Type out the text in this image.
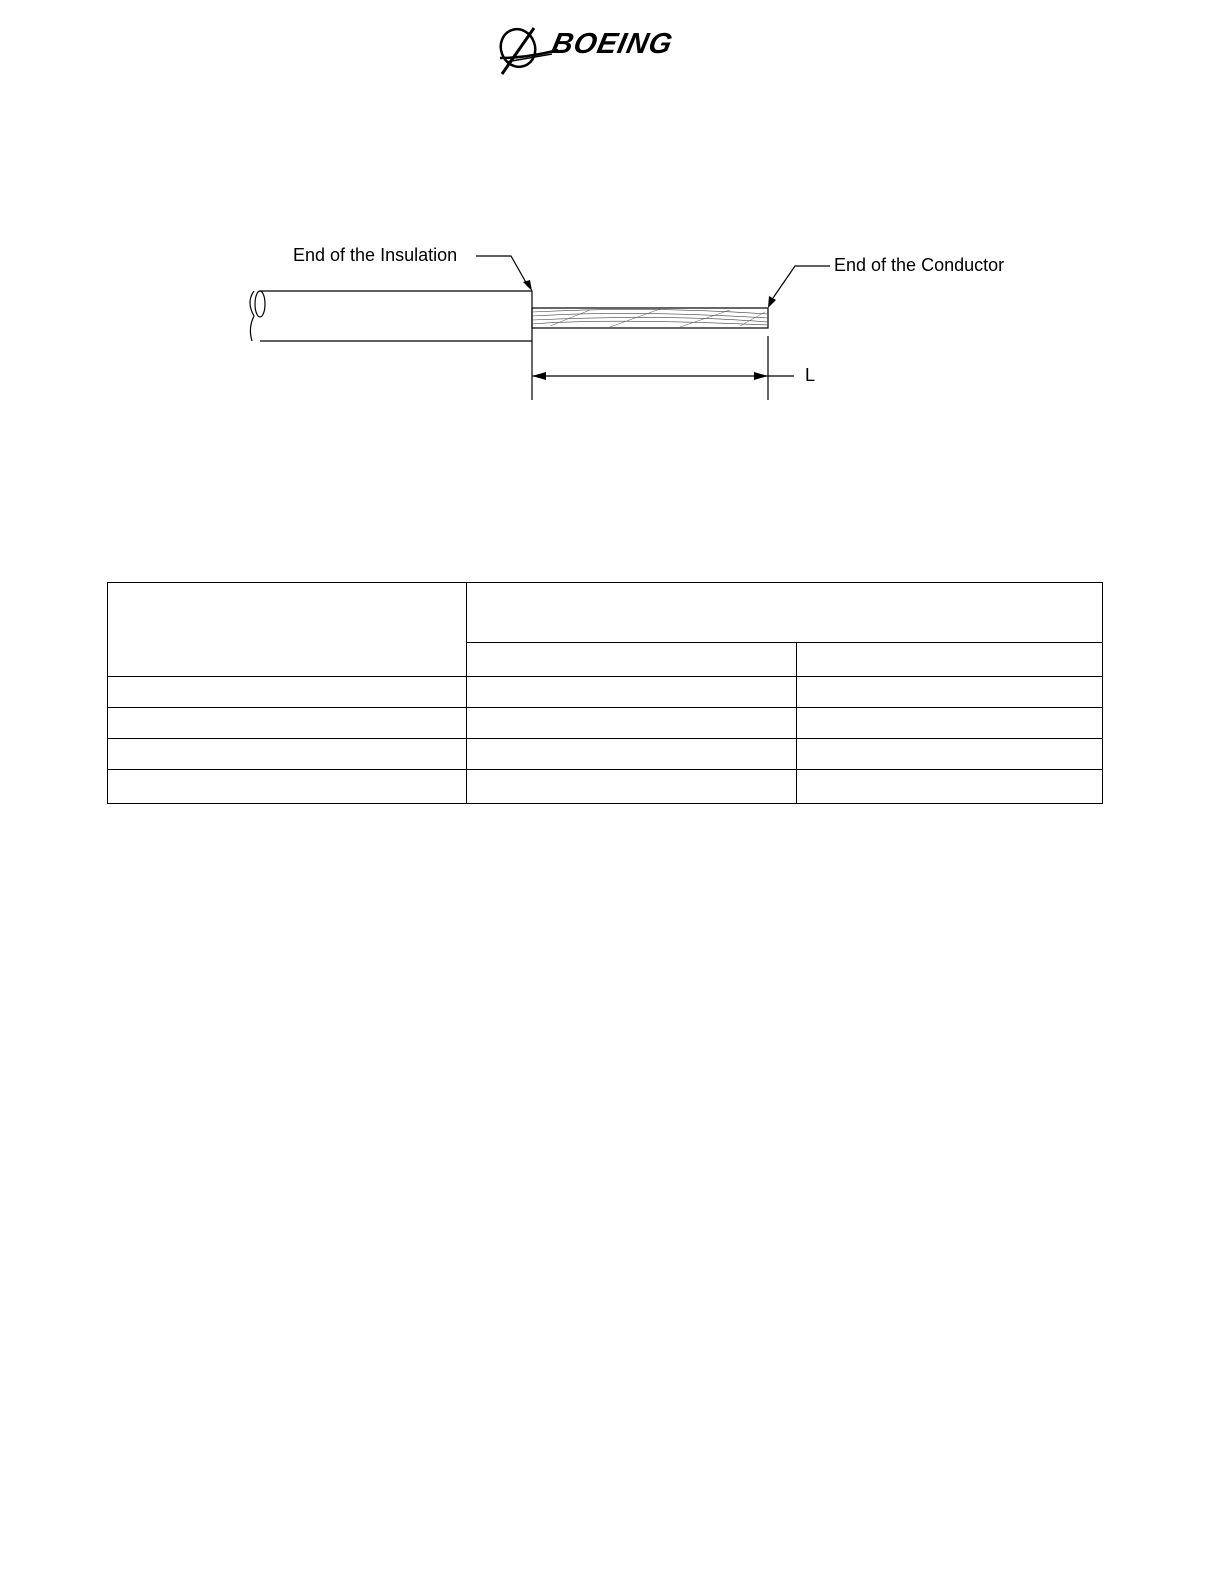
BOEING
End of the Insulation	End of the Conductor
L
